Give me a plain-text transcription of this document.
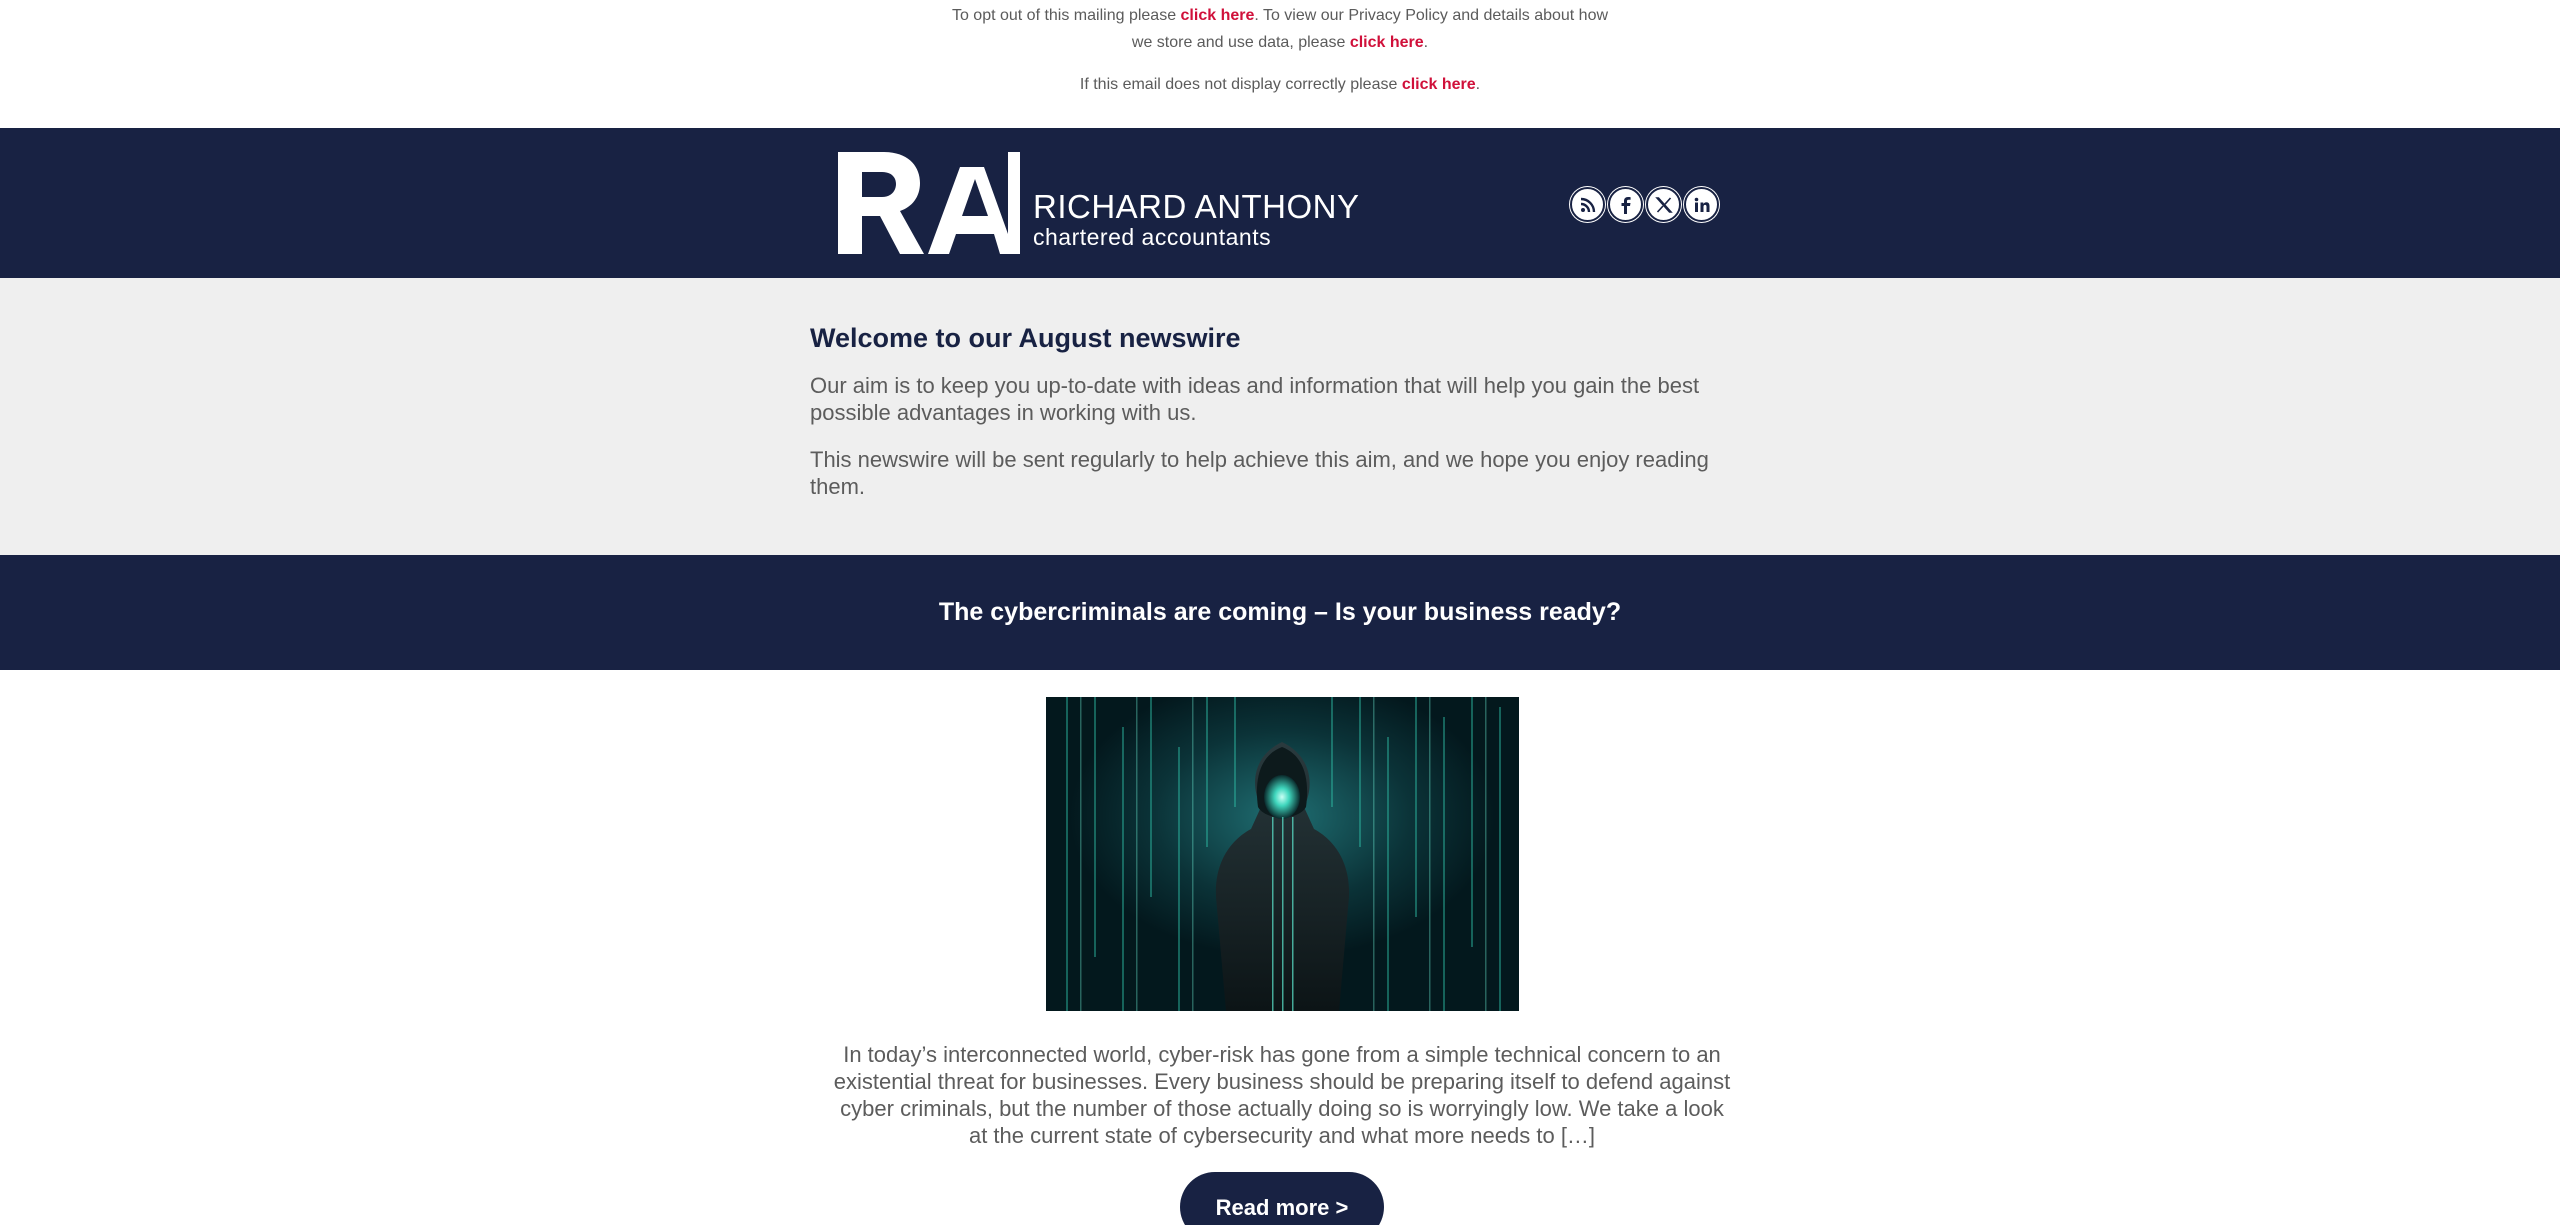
To opt out of this mailing please click here. To view our Privacy Policy and details about how

we store and use data, please click here.

If this email does not display correctly please click here.

RICHARD ANTHONY
chartered accountants
Welcome to our August newswire

Our aim is to keep you up-to-date with ideas and information that will help you gain the best possible advantages in working with us.

This newswire will be sent regularly to help achieve this aim, and we hope you enjoy reading them.

The cybercriminals are coming – Is your business ready?

In today’s interconnected world, cyber-risk has gone from a simple technical concern to an existential threat for businesses. Every business should be preparing itself to defend against cyber criminals, but the number of those actually doing so is worryingly low. We take a look at the current state of cybersecurity and what more needs to […]

Read more >
